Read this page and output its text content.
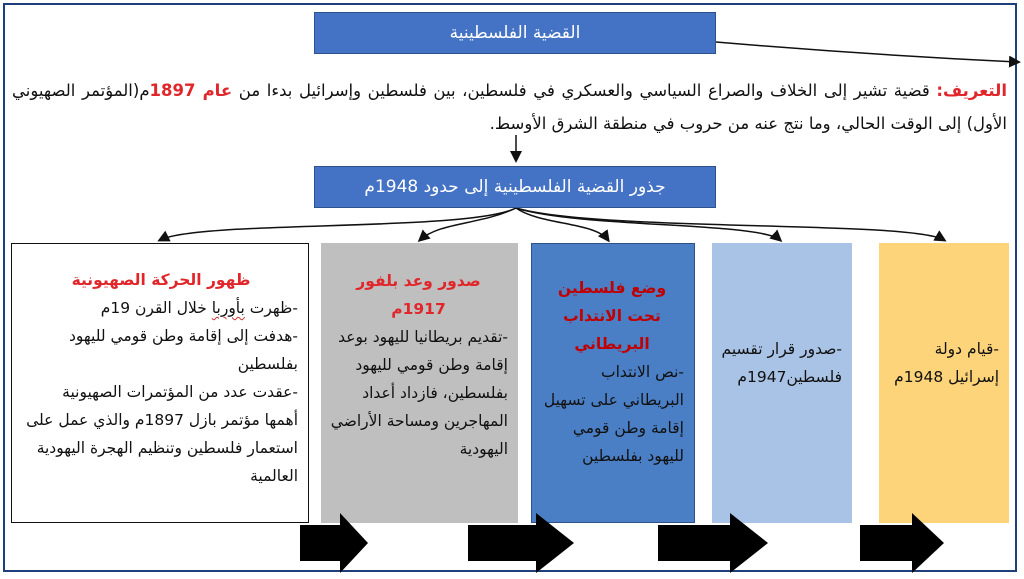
القضية الفلسطينية
التعريف: قضية تشير إلى الخلاف والصراع السياسي والعسكري في فلسطين، بين فلسطين وإسرائيل بدءا من عام 1897م(المؤتمر الصهيوني الأول) إلى الوقت الحالي، وما نتج عنه من حروب في منطقة الشرق الأوسط.
جذور القضية الفلسطينية إلى حدود 1948م
ظهور الحركة الصهيونية
-ظهرت بأوربا خلال القرن 19م
-هدفت إلى إقامة وطن قومي لليهود بفلسطين
-عقدت عدد من المؤتمرات الصهيونية أهمها مؤتمر بازل 1897م والذي عمل على استعمار فلسطين وتنظيم الهجرة اليهودية العالمية
صدور وعد بلفور 1917م
-تقديم بريطانيا لليهود بوعد إقامة وطن قومي لليهود بفلسطين، فازداد أعداد المهاجرين ومساحة الأراضي اليهودية
وضع فلسطين تحت الانتداب البريطاني
-نص الانتداب البريطاني على تسهيل إقامة وطن قومي لليهود بفلسطين
-صدور قرار تقسيم فلسطين1947م
-قيام دولة إسرائيل 1948م
